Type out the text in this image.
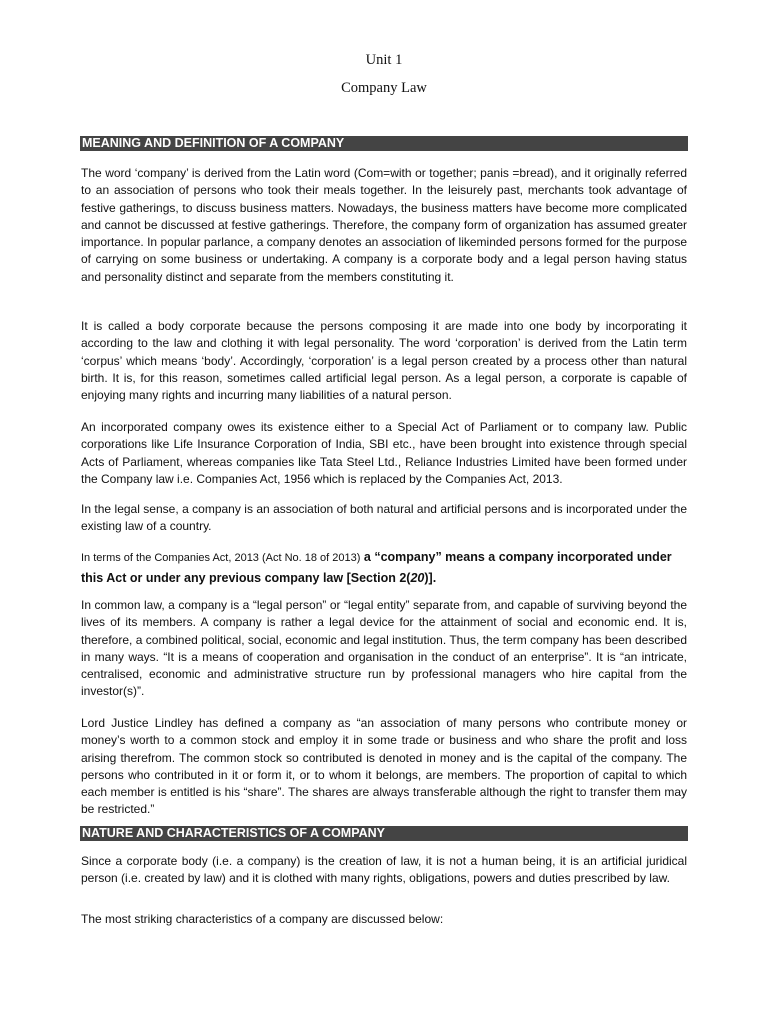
Unit 1
Company Law
MEANING AND DEFINITION OF A COMPANY

The word ‘company’ is derived from the Latin word (Com=with or together; panis =bread), and it originally referred to an association of persons who took their meals together. In the leisurely past, merchants took advantage of festive gatherings, to discuss business matters. Nowadays, the business matters have become more complicated and cannot be discussed at festive gatherings. Therefore, the company form of organization has assumed greater importance. In popular parlance, a company denotes an association of likeminded persons formed for the purpose of carrying on some business or undertaking. A company is a corporate body and a legal person having status and personality distinct and separate from the members constituting it.

It is called a body corporate because the persons composing it are made into one body by incorporating it according to the law and clothing it with legal personality. The word ‘corporation’ is derived from the Latin term ‘corpus’ which means ‘body’. Accordingly, ‘corporation’ is a legal person created by a process other than natural birth. It is, for this reason, sometimes called artificial legal person. As a legal person, a corporate is capable of enjoying many rights and incurring many liabilities of a natural person.

An incorporated company owes its existence either to a Special Act of Parliament or to company law. Public corporations like Life Insurance Corporation of India, SBI etc., have been brought into existence through special Acts of Parliament, whereas companies like Tata Steel Ltd., Reliance Industries Limited have been formed under the Company law i.e. Companies Act, 1956 which is replaced by the Companies Act, 2013.

In the legal sense, a company is an association of both natural and artificial persons and is incorporated under the existing law of a country.

In terms of the Companies Act, 2013 (Act No. 18 of 2013) a “company” means a company incorporated under this Act or under any previous company law [Section 2(20)].

In common law, a company is a “legal person” or “legal entity” separate from, and capable of surviving beyond the lives of its members. A company is rather a legal device for the attainment of social and economic end. It is, therefore, a combined political, social, economic and legal institution. Thus, the term company has been described in many ways. “It is a means of cooperation and organisation in the conduct of an enterprise”. It is “an intricate, centralised, economic and administrative structure run by professional managers who hire capital from the investor(s)”.

Lord Justice Lindley has defined a company as “an association of many persons who contribute money or money’s worth to a common stock and employ it in some trade or business and who share the profit and loss arising therefrom. The common stock so contributed is denoted in money and is the capital of the company. The persons who contributed in it or form it, or to whom it belongs, are members. The proportion of capital to which each member is entitled is his “share”. The shares are always transferable although the right to transfer them may be restricted.”

NATURE AND CHARACTERISTICS OF A COMPANY

Since a corporate body (i.e. a company) is the creation of law, it is not a human being, it is an artificial juridical person (i.e. created by law) and it is clothed with many rights, obligations, powers and duties prescribed by law.

The most striking characteristics of a company are discussed below:
